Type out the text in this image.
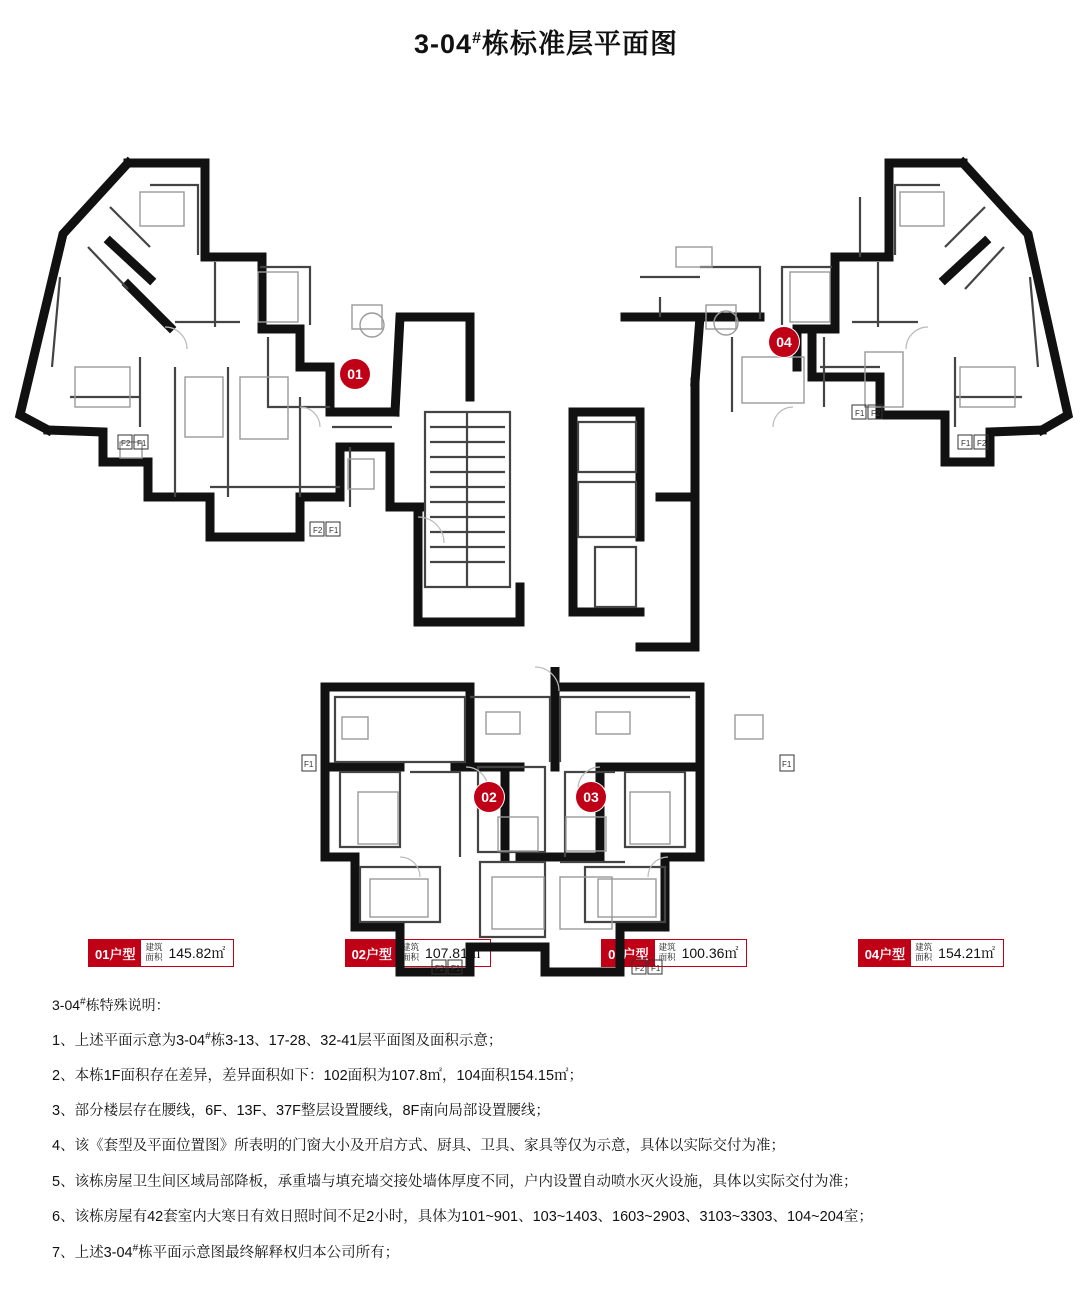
3-04#栋标准层平面图
F2 F1
F2 F1
F1 F2
F1 F2
F1	F1
F2 F1	F2 F1
01
04
02	03
01户型	建筑
面积 145.82㎡	02户型	建筑
面积 107.81㎡	03户型	建筑
面积 100.36㎡	04户型	建筑
面积 154.21㎡
3-04#栋特殊说明：
1、上述平面示意为3-04#栋3-13、17-28、32-41层平面图及面积示意；
2、本栋1F面积存在差异，差异面积如下：102面积为107.8㎡，104面积154.15㎡；
3、部分楼层存在腰线，6F、13F、37F整层设置腰线，8F南向局部设置腰线；
4、该《套型及平面位置图》所表明的门窗大小及开启方式、厨具、卫具、家具等仅为示意，具体以实际交付为准；
5、该栋房屋卫生间区域局部降板，承重墙与填充墙交接处墙体厚度不同，户内设置自动喷水灭火设施，具体以实际交付为准；
6、该栋房屋有42套室内大寒日有效日照时间不足2小时，具体为101~901、103~1403、1603~2903、3103~3303、104~204室；
7、上述3-04#栋平面示意图最终解释权归本公司所有；
